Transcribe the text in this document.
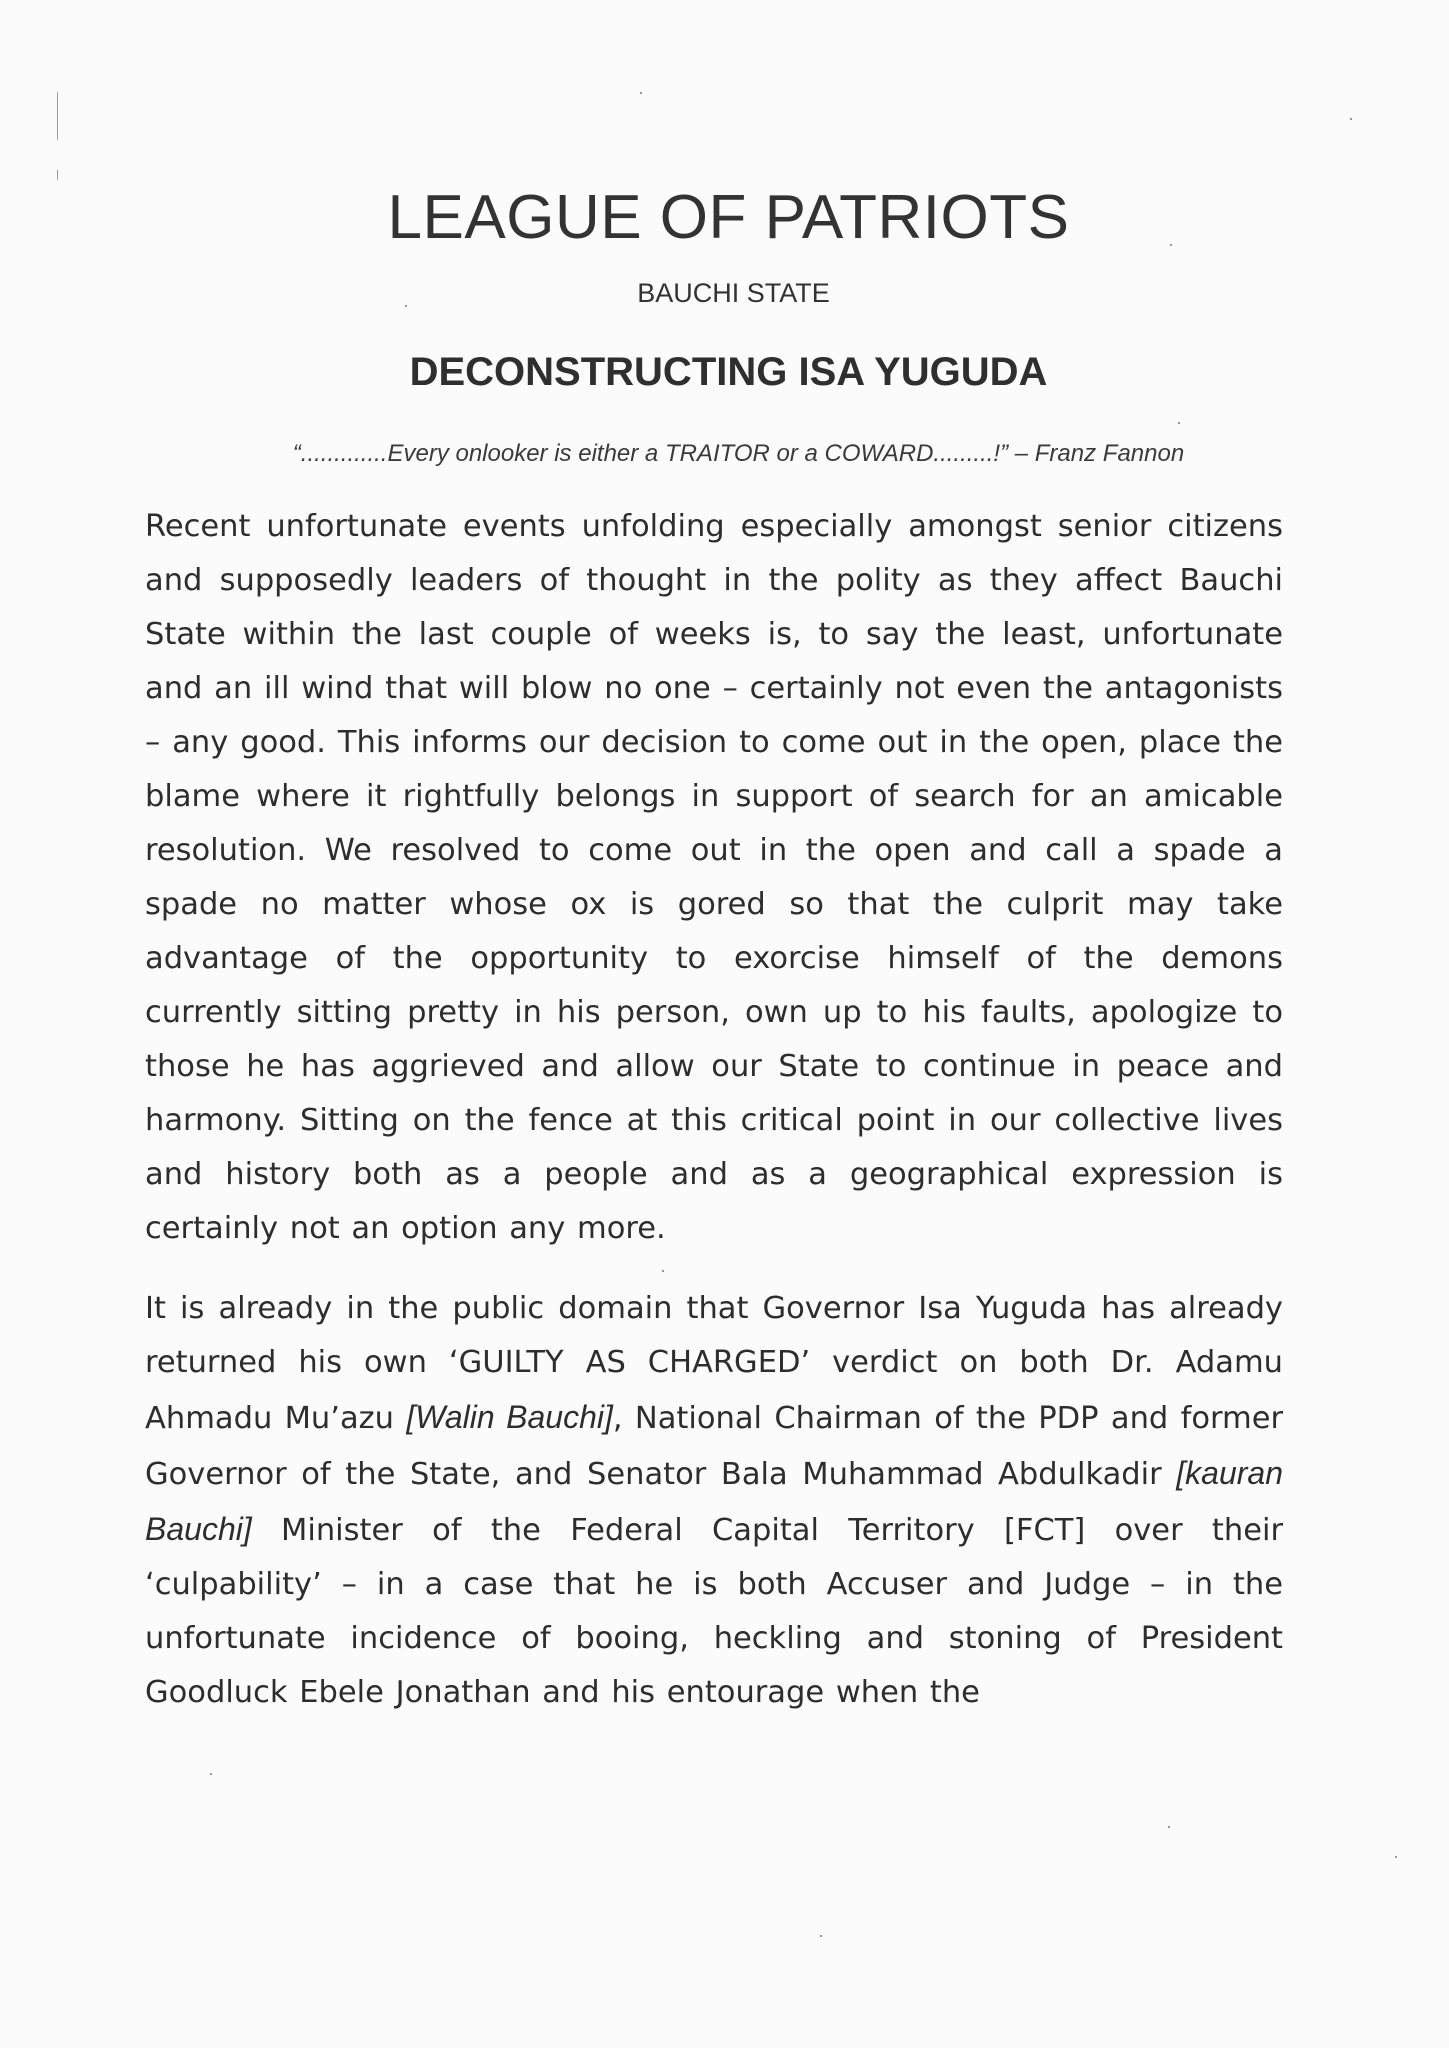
LEAGUE OF PATRIOTS
BAUCHI STATE
DECONSTRUCTING ISA YUGUDA
“.............Every onlooker is either a TRAITOR or a COWARD.........!” – Franz Fannon

Recent unfortunate events unfolding especially amongst senior citizens and supposedly leaders of thought in the polity as they affect Bauchi State within the last couple of weeks is, to say the least, unfortunate and an ill wind that will blow no one – certainly not even the antagonists – any good. This informs our decision to come out in the open, place the blame where it rightfully belongs in support of search for an amicable resolution. We resolved to come out in the open and call a spade a spade no matter whose ox is gored so that the culprit may take advantage of the opportunity to exorcise himself of the demons currently sitting pretty in his person, own up to his faults, apologize to those he has aggrieved and allow our State to continue in peace and harmony. Sitting on the fence at this critical point in our collective lives and history both as a people and as a geographical expression is certainly not an option any more.

It is already in the public domain that Governor Isa Yuguda has already returned his own ‘GUILTY AS CHARGED’ verdict on both Dr. Adamu Ahmadu Mu’azu [Walin Bauchi], National Chairman of the PDP and former Governor of the State, and Senator Bala Muhammad Abdulkadir [kauran Bauchi] Minister of the Federal Capital Territory [FCT] over their ‘culpability’ – in a case that he is both Accuser and Judge – in the unfortunate incidence of booing, heckling and stoning of President Goodluck Ebele Jonathan and his entourage when the
